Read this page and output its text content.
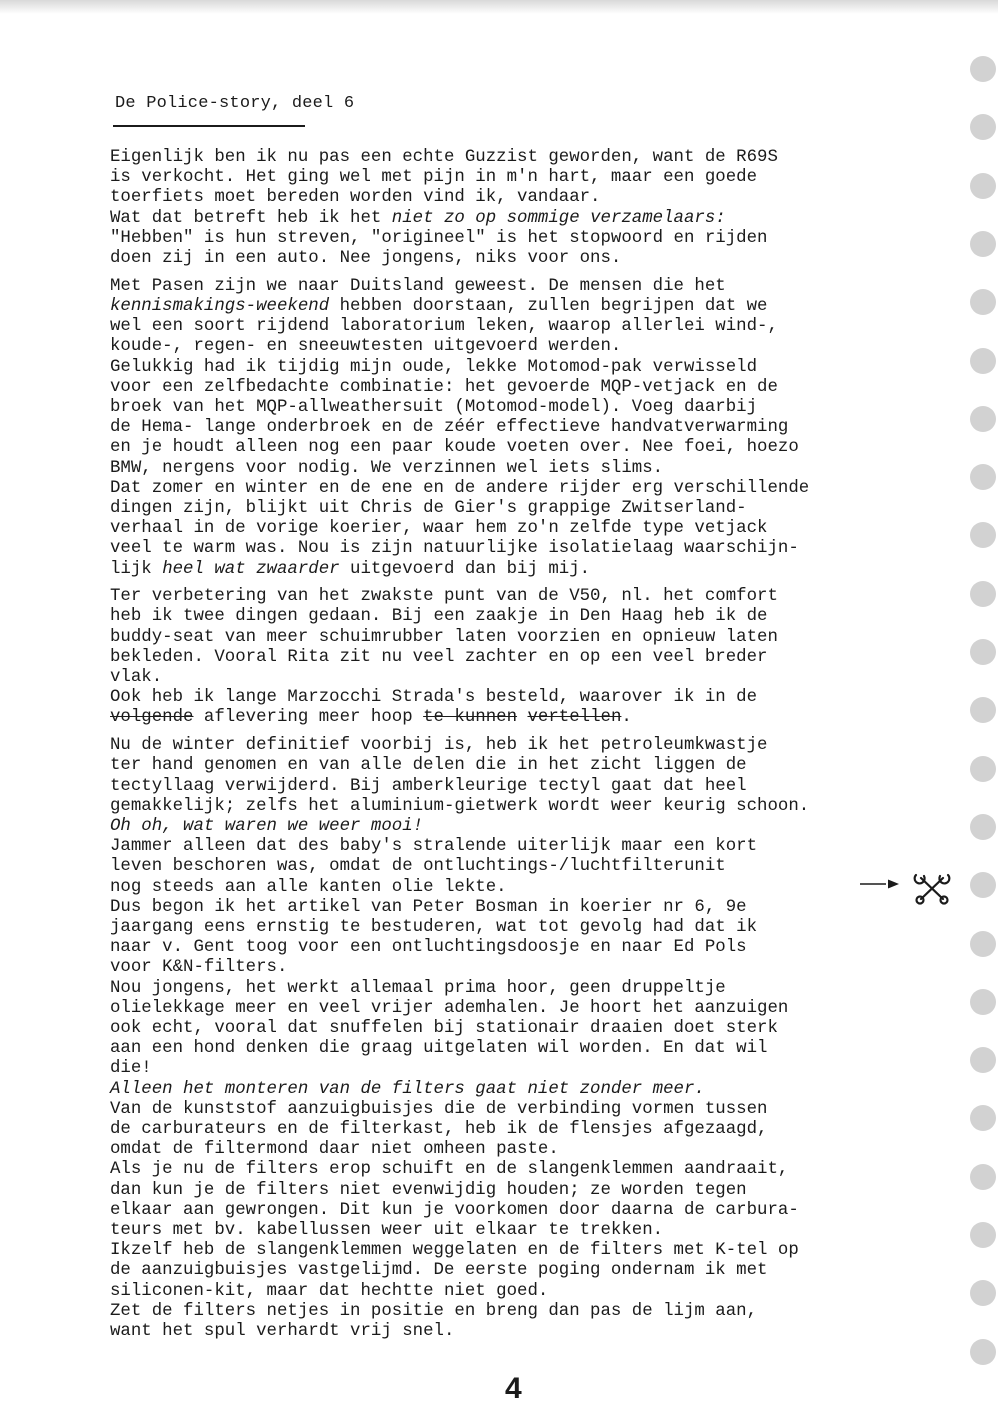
De Police-story, deel 6
Eigenlijk ben ik nu pas een echte Guzzist geworden, want de R69S
is verkocht. Het ging wel met pijn in m'n hart, maar een goede
toerfiets moet bereden worden vind ik, vandaar.
Wat dat betreft heb ik het niet zo op sommige verzamelaars:
"Hebben" is hun streven, "origineel" is het stopwoord en rijden
doen zij in een auto. Nee jongens, niks voor ons.
Met Pasen zijn we naar Duitsland geweest. De mensen die het
kennismakings-weekend hebben doorstaan, zullen begrijpen dat we
wel een soort rijdend laboratorium leken, waarop allerlei wind-,
koude-, regen- en sneeuwtesten uitgevoerd werden.
Gelukkig had ik tijdig mijn oude, lekke Motomod-pak verwisseld
voor een zelfbedachte combinatie: het gevoerde MQP-vetjack en de
broek van het MQP-allweathersuit (Motomod-model). Voeg daarbij
de Hema- lange onderbroek en de zéér effectieve handvatverwarming
en je houdt alleen nog een paar koude voeten over. Nee foei, hoezo
BMW, nergens voor nodig. We verzinnen wel iets slims.
Dat zomer en winter en de ene en de andere rijder erg verschillende
dingen zijn, blijkt uit Chris de Gier's grappige Zwitserland-
verhaal in de vorige koerier, waar hem zo'n zelfde type vetjack
veel te warm was. Nou is zijn natuurlijke isolatielaag waarschijn-
lijk heel wat zwaarder uitgevoerd dan bij mij.
Ter verbetering van het zwakste punt van de V50, nl. het comfort
heb ik twee dingen gedaan. Bij een zaakje in Den Haag heb ik de
buddy-seat van meer schuimrubber laten voorzien en opnieuw laten
bekleden. Vooral Rita zit nu veel zachter en op een veel breder
vlak.
Ook heb ik lange Marzocchi Strada's besteld, waarover ik in de
volgende aflevering meer hoop te kunnen vertellen.
Nu de winter definitief voorbij is, heb ik het petroleumkwastje
ter hand genomen en van alle delen die in het zicht liggen de
tectyllaag verwijderd. Bij amberkleurige tectyl gaat dat heel
gemakkelijk; zelfs het aluminium-gietwerk wordt weer keurig schoon.
Oh oh, wat waren we weer mooi!
Jammer alleen dat des baby's stralende uiterlijk maar een kort
leven beschoren was, omdat de ontluchtings-/luchtfilterunit
nog steeds aan alle kanten olie lekte.
Dus begon ik het artikel van Peter Bosman in koerier nr 6, 9e
jaargang eens ernstig te bestuderen, wat tot gevolg had dat ik
naar v. Gent toog voor een ontluchtingsdoosje en naar Ed Pols
voor K&N-filters.
Nou jongens, het werkt allemaal prima hoor, geen druppeltje
olielekkage meer en veel vrijer ademhalen. Je hoort het aanzuigen
ook echt, vooral dat snuffelen bij stationair draaien doet sterk
aan een hond denken die graag uitgelaten wil worden. En dat wil
die!
Alleen het monteren van de filters gaat niet zonder meer.
Van de kunststof aanzuigbuisjes die de verbinding vormen tussen
de carburateurs en de filterkast, heb ik de flensjes afgezaagd,
omdat de filtermond daar niet omheen paste.
Als je nu de filters erop schuift en de slangenklemmen aandraait,
dan kun je de filters niet evenwijdig houden; ze worden tegen
elkaar aan gewrongen. Dit kun je voorkomen door daarna de carbura-
teurs met bv. kabellussen weer uit elkaar te trekken.
Ikzelf heb de slangenklemmen weggelaten en de filters met K-tel op
de aanzuigbuisjes vastgelijmd. De eerste poging ondernam ik met
siliconen-kit, maar dat hechtte niet goed.
Zet de filters netjes in positie en breng dan pas de lijm aan,
want het spul verhardt vrij snel.
4
